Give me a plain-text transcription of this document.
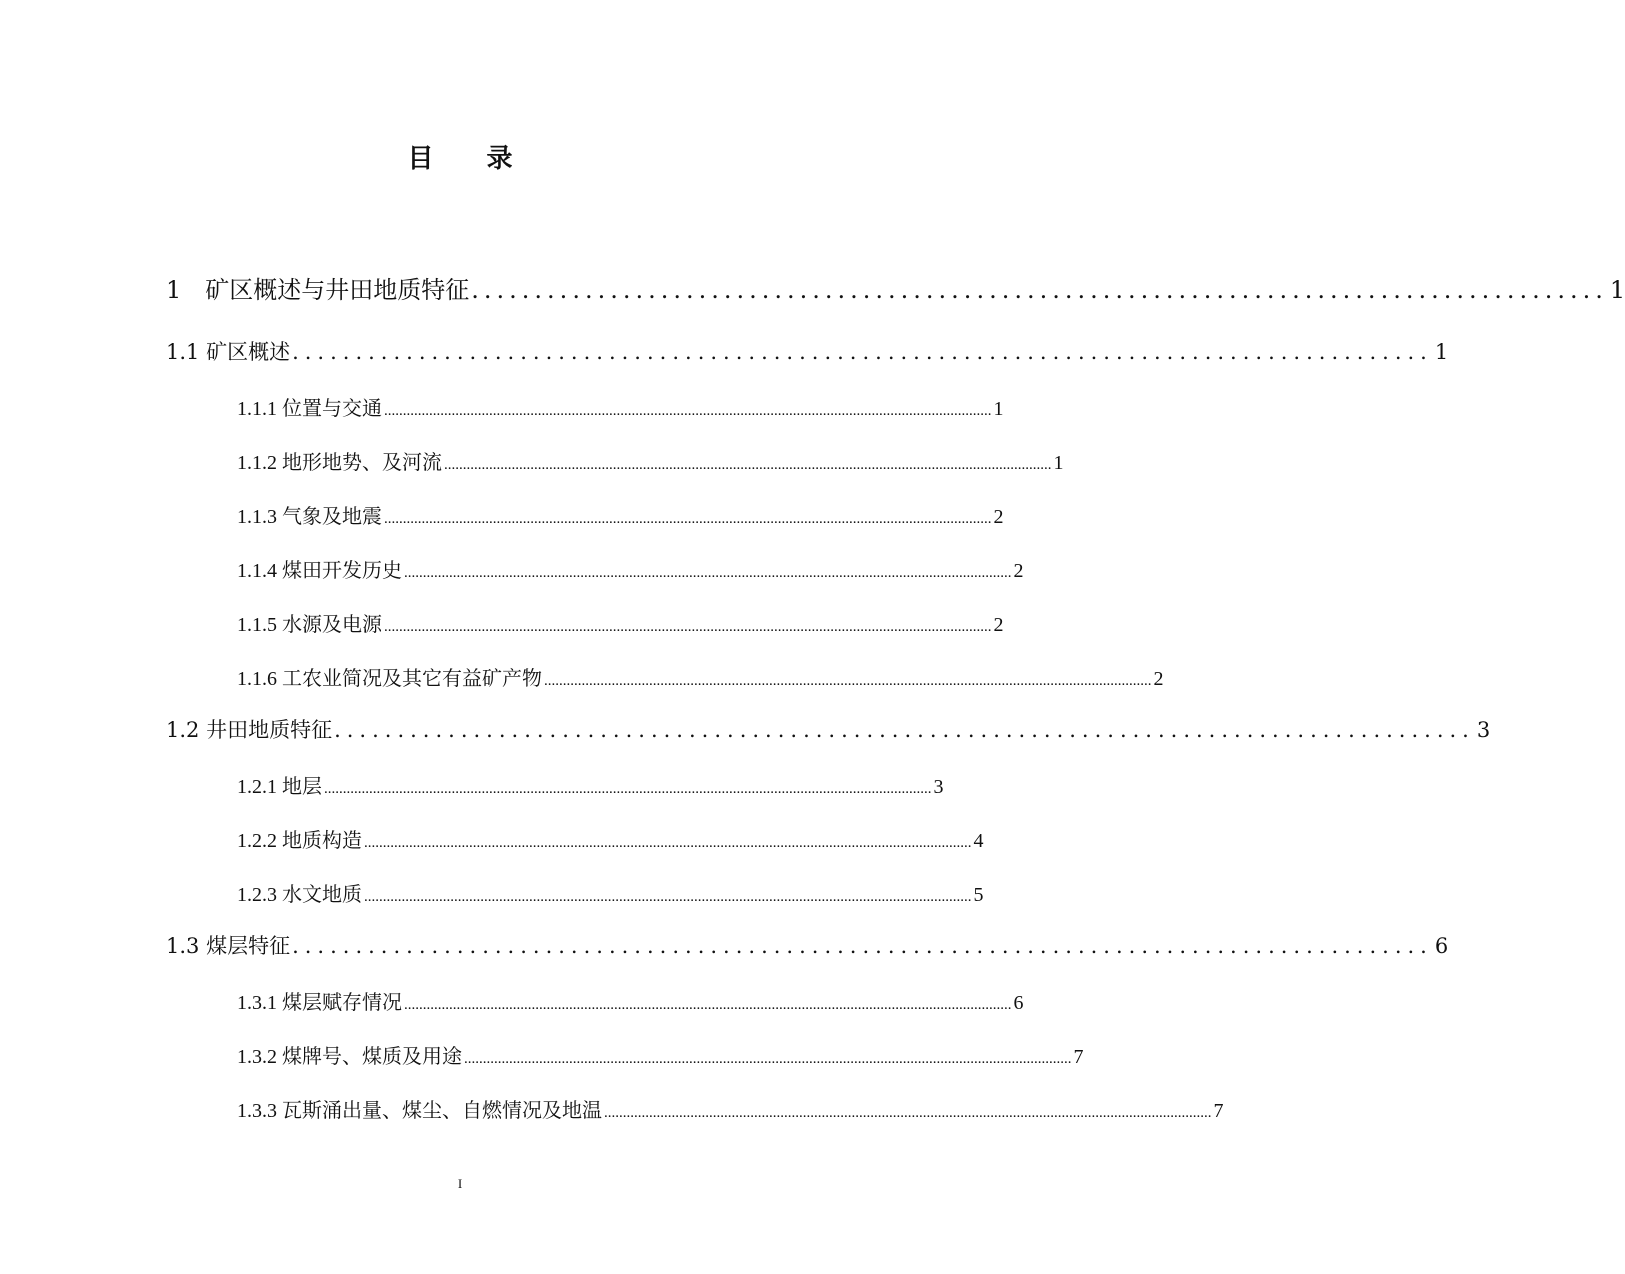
目 录
1　矿区概述与井田地质特征 .......................................................................................... 1
1.1 矿区概述 .......................................................................................... 1
1.1.1 位置与交通 .................................................................................................................................................................. 1
1.1.2 地形地势、及河流 .................................................................................................................................................................. 1
1.1.3 气象及地震 .................................................................................................................................................................. 2
1.1.4 煤田开发历史 .................................................................................................................................................................. 2
1.1.5 水源及电源 .................................................................................................................................................................. 2
1.1.6 工农业简况及其它有益矿产物 .................................................................................................................................................................. 2
1.2 井田地质特征 .......................................................................................... 3
1.2.1 地层 .................................................................................................................................................................. 3
1.2.2 地质构造 .................................................................................................................................................................. 4
1.2.3 水文地质 .................................................................................................................................................................. 5
1.3 煤层特征 .......................................................................................... 6
1.3.1 煤层赋存情况 .................................................................................................................................................................. 6
1.3.2 煤牌号、煤质及用途 .................................................................................................................................................................. 7
1.3.3 瓦斯涌出量、煤尘、自燃情况及地温 .................................................................................................................................................................. 7
I
